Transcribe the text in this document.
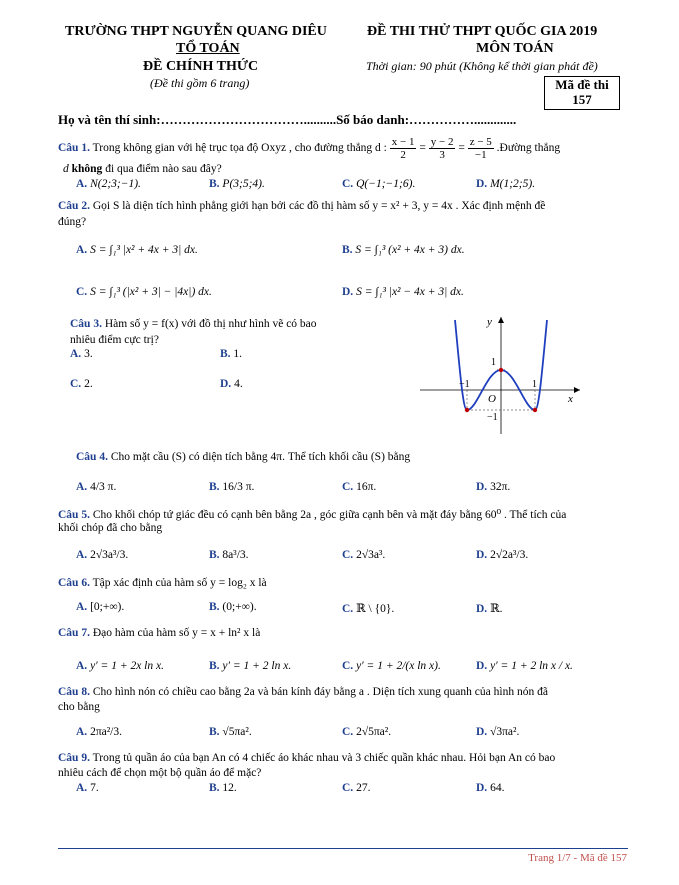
TRƯỜNG THPT NGUYỄN QUANG DIÊU
TỔ TOÁN
ĐỀ CHÍNH THỨC
(Đề thi gồm 6 trang)
ĐỀ THI THỬ THPT QUỐC GIA 2019
MÔN TOÁN
Thời gian: 90 phút (Không kể thời gian phát đề)
Mã đề thi
157
Họ và tên thí sinh:……………………………..........Số báo danh:…………….............
Câu 1. Trong không gian với hệ trục tọa độ Oxyz , cho đường thẳng d : $\frac{x - 1}{2} = \frac{y - 2}{3} = \frac{z - 5}{-1}$ .Đường thẳng
d không đi qua điểm nào sau đây?
A. N(2;3;−1).	B. P(3;5;4).	C. Q(−1;−1;6).	D. M(1;2;5).
Câu 2. Gọi S là diện tích hình phẳng giới hạn bởi các đồ thị hàm số y = x² + 3, y = 4x . Xác định mệnh đề
đúng?
A. S = ∫₁³ |x² + 4x + 3| dx.	B. S = ∫₁³ (x² + 4x + 3) dx.
C. S = ∫₁³ (|x² + 3| − |4x|) dx.	D. S = ∫₁³ |x² − 4x + 3| dx.
Câu 3. Hàm số y = f(x) với đồ thị như hình vẽ có bao
nhiêu điểm cực trị?
A. 3.	B. 1.
C. 2.	D. 4.
y
x
O
1
−1	1
−1
Câu 4. Cho mặt cầu (S) có diện tích bằng 4π. Thể tích khối cầu (S) bằng
A. 4/3 π.	B. 16/3 π.	C. 16π.	D. 32π.
Câu 5. Cho khối chóp tứ giác đều có cạnh bên bằng 2a , góc giữa cạnh bên và mặt đáy bằng 60⁰ . Thể tích của
khối chóp đã cho bằng
A. 2√3a³/3.	B. 8a³/3.	C. 2√3a³.	D. 2√2a³/3.
Câu 6. Tập xác định của hàm số y = log₂ x là
A. [0;+∞).	B. (0;+∞).	C. ℝ \ {0}.	D. ℝ.
Câu 7. Đạo hàm của hàm số y = x + ln² x là
A. y′ = 1 + 2x ln x.	B. y′ = 1 + 2 ln x.	C. y′ = 1 + 2/(x ln x).	D. y′ = 1 + 2 ln x / x.
Câu 8. Cho hình nón có chiều cao bằng 2a và bán kính đáy bằng a . Diện tích xung quanh của hình nón đã
cho bằng
A. 2πa²/3.	B. √5πa².	C. 2√5πa².	D. √3πa².
Câu 9. Trong tủ quần áo của bạn An có 4 chiếc áo khác nhau và 3 chiếc quần khác nhau. Hỏi bạn An có bao
nhiêu cách để chọn một bộ quần áo để mặc?
A. 7.	B. 12.	C. 27.	D. 64.
Trang 1/7 - Mã đề 157
